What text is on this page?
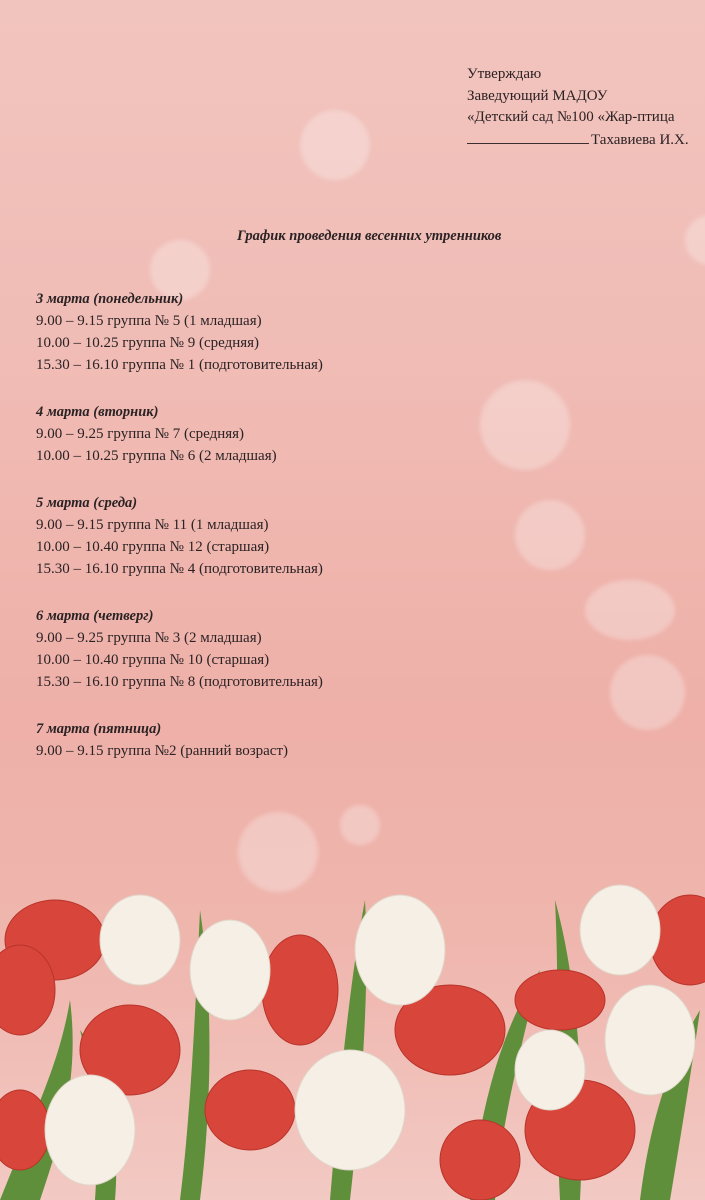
Утверждаю
Заведующий МАДОУ
«Детский сад №100 «Жар-птица
Тахавиева И.Х.
График проведения весенних утренников
3 марта (понедельник)
9.00 – 9.15 группа № 5 (1 младшая)
10.00 – 10.25 группа № 9 (средняя)
15.30 – 16.10 группа № 1 (подготовительная)
4 марта (вторник)
9.00 – 9.25 группа № 7 (средняя)
10.00 – 10.25 группа № 6 (2 младшая)
5 марта (среда)
9.00 – 9.15 группа № 11 (1 младшая)
10.00 – 10.40 группа № 12 (старшая)
15.30 – 16.10 группа № 4 (подготовительная)
6 марта (четверг)
9.00 – 9.25 группа № 3 (2 младшая)
10.00 – 10.40 группа № 10 (старшая)
15.30 – 16.10 группа № 8 (подготовительная)
7 марта (пятница)
9.00 – 9.15 группа №2 (ранний возраст)
